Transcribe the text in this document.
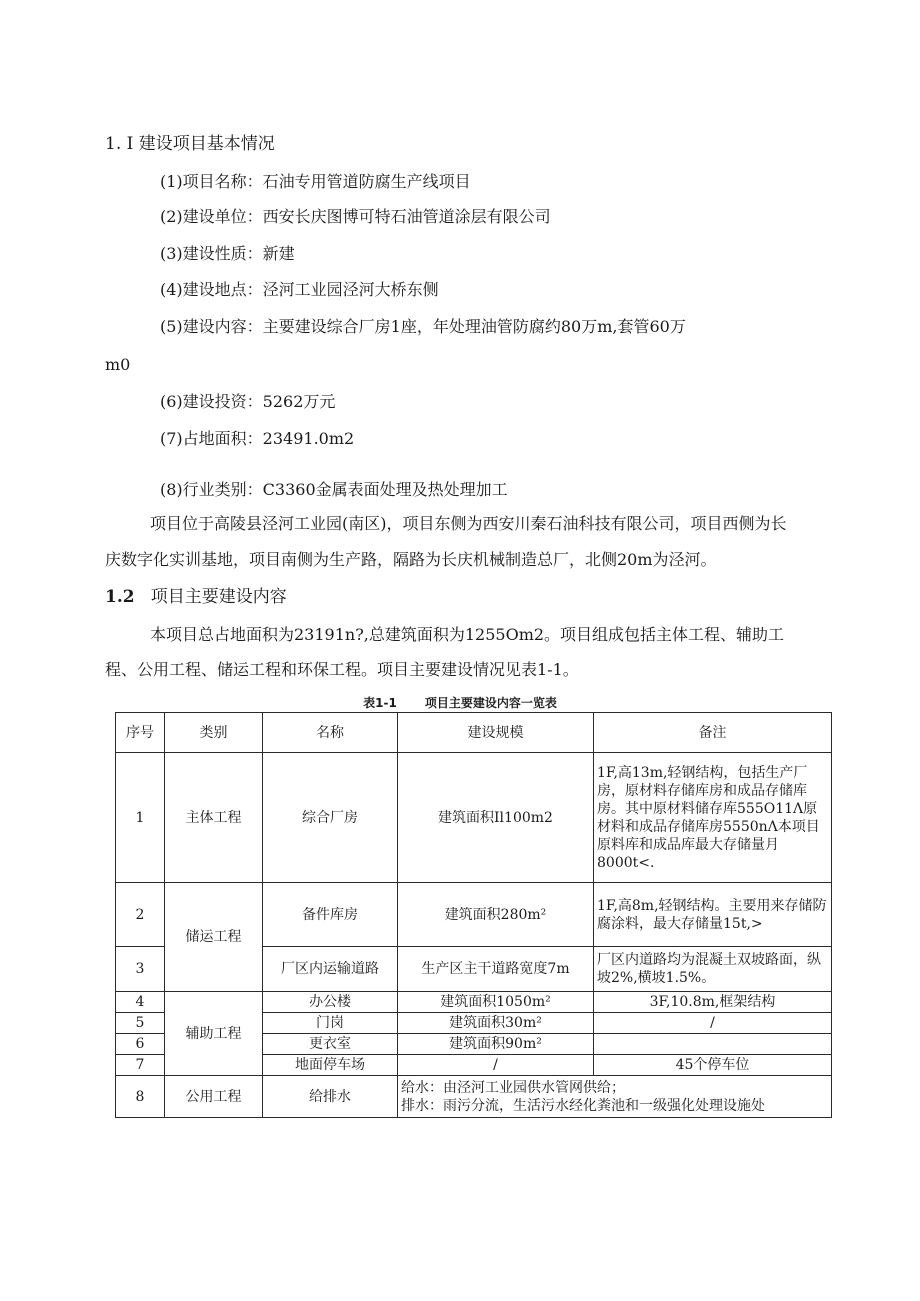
1. I 建设项目基本情况
(1)项目名称：石油专用管道防腐生产线项目
(2)建设单位：西安长庆图博可特石油管道涂层有限公司
(3)建设性质：新建
(4)建设地点：泾河工业园泾河大桥东侧
(5)建设内容：主要建设综合厂房1座，年处理油管防腐约80万m,套管60万
m0
(6)建设投资：5262万元
(7)占地面积：23491.0m2
(8)行业类别：C3360金属表面处理及热处理加工
项目位于高陵县泾河工业园(南区)，项目东侧为西安川秦石油科技有限公司，项目西侧为长
庆数字化实训基地，项目南侧为生产路，隔路为长庆机械制造总厂，北侧20m为泾河。
1.2 项目主要建设内容
本项目总占地面积为23191n?,总建筑面积为1255Om2。项目组成包括主体工程、辅助工
程、公用工程、储运工程和环保工程。项目主要建设情况见表1-1。
表1-1 项目主要建设内容一览表
序号	类别	名称	建设规模	备注
1	主体工程	综合厂房	建筑面积Il100m2	1F,高13m,轻钢结构，包括生产厂房，原材料存储库房和成品存储库房。其中原材料储存库555O11Λ原材料和成品存储库房5550nΛ本项目原料库和成品库最大存储量月8000t<.
2	储运工程	备件库房	建筑面积280m²	1F,高8m,轻钢结构。主要用来存储防腐涂料，最大存储量15t,>
3		厂区内运输道路	生产区主干道路宽度7m	厂区内道路均为混凝土双坡路面，纵坡2%,横坡1.5%。
4	辅助工程	办公楼	建筑面积1050m²	3F,10.8m,框架结构
5		门岗	建筑面积30m²	/
6		更衣室	建筑面积90m²	
7		地面停车场	/	45个停车位
8	公用工程	给排水	给水：由泾河工业园供水管网供给；
排水：雨污分流，生活污水经化粪池和一级强化处理设施处	
